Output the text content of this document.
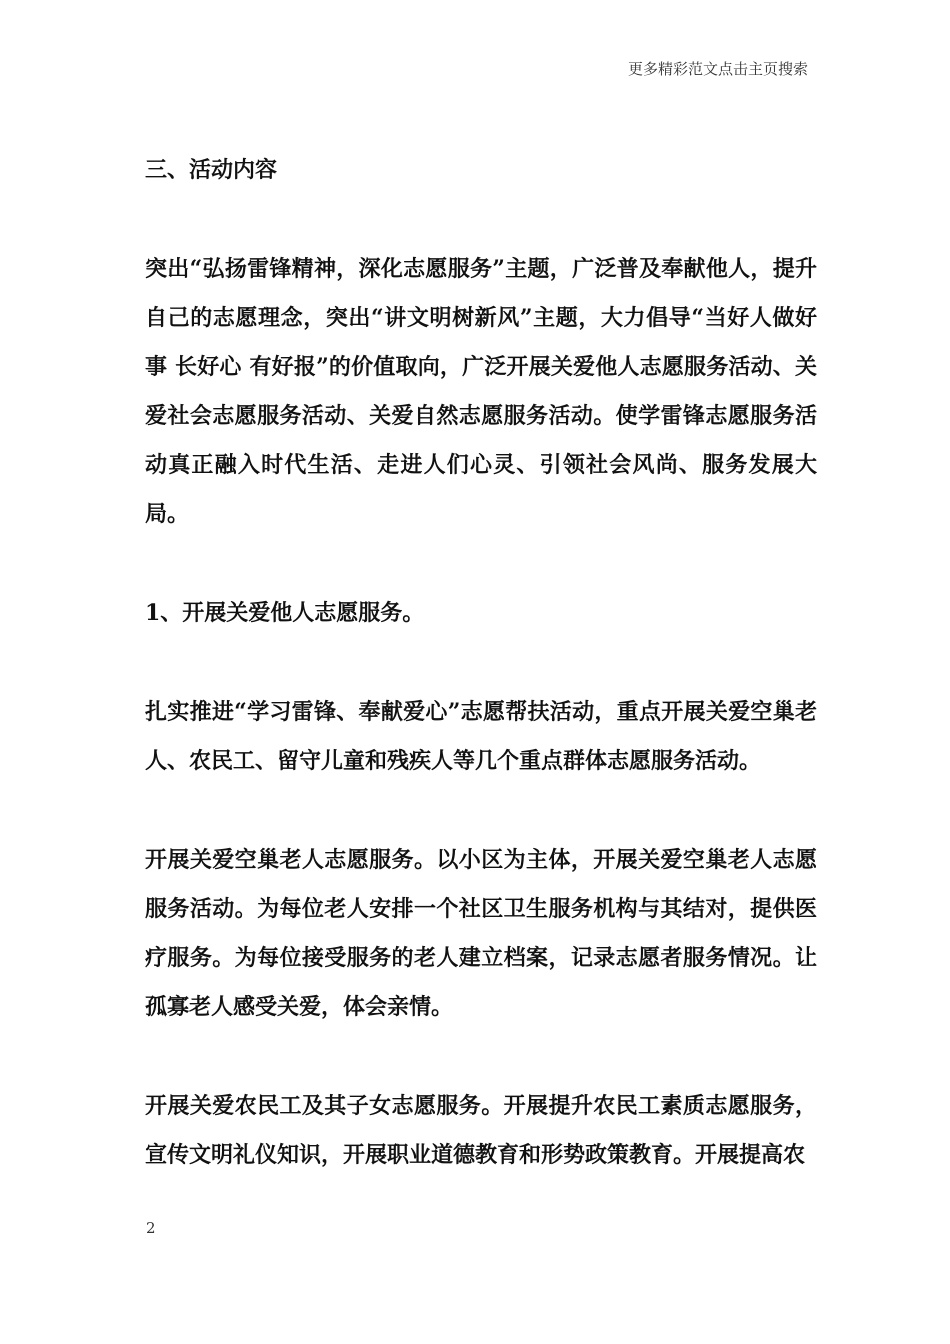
更多精彩范文点击主页搜索

三、活动内容

突出“弘扬雷锋精神，深化志愿服务”主题，广泛普及奉献他人，提升自己的志愿理念，突出“讲文明树新风”主题，大力倡导“当好人做好事 长好心 有好报”的价值取向，广泛开展关爱他人志愿服务活动、关爱社会志愿服务活动、关爱自然志愿服务活动。使学雷锋志愿服务活动真正融入时代生活、走进人们心灵、引领社会风尚、服务发展大局。

1、开展关爱他人志愿服务。

扎实推进“学习雷锋、奉献爱心”志愿帮扶活动，重点开展关爱空巢老人、农民工、留守儿童和残疾人等几个重点群体志愿服务活动。

开展关爱空巢老人志愿服务。以小区为主体，开展关爱空巢老人志愿服务活动。为每位老人安排一个社区卫生服务机构与其结对，提供医疗服务。为每位接受服务的老人建立档案，记录志愿者服务情况。让孤寡老人感受关爱，体会亲情。

开展关爱农民工及其子女志愿服务。开展提升农民工素质志愿服务，宣传文明礼仪知识，开展职业道德教育和形势政策教育。开展提高农

2
